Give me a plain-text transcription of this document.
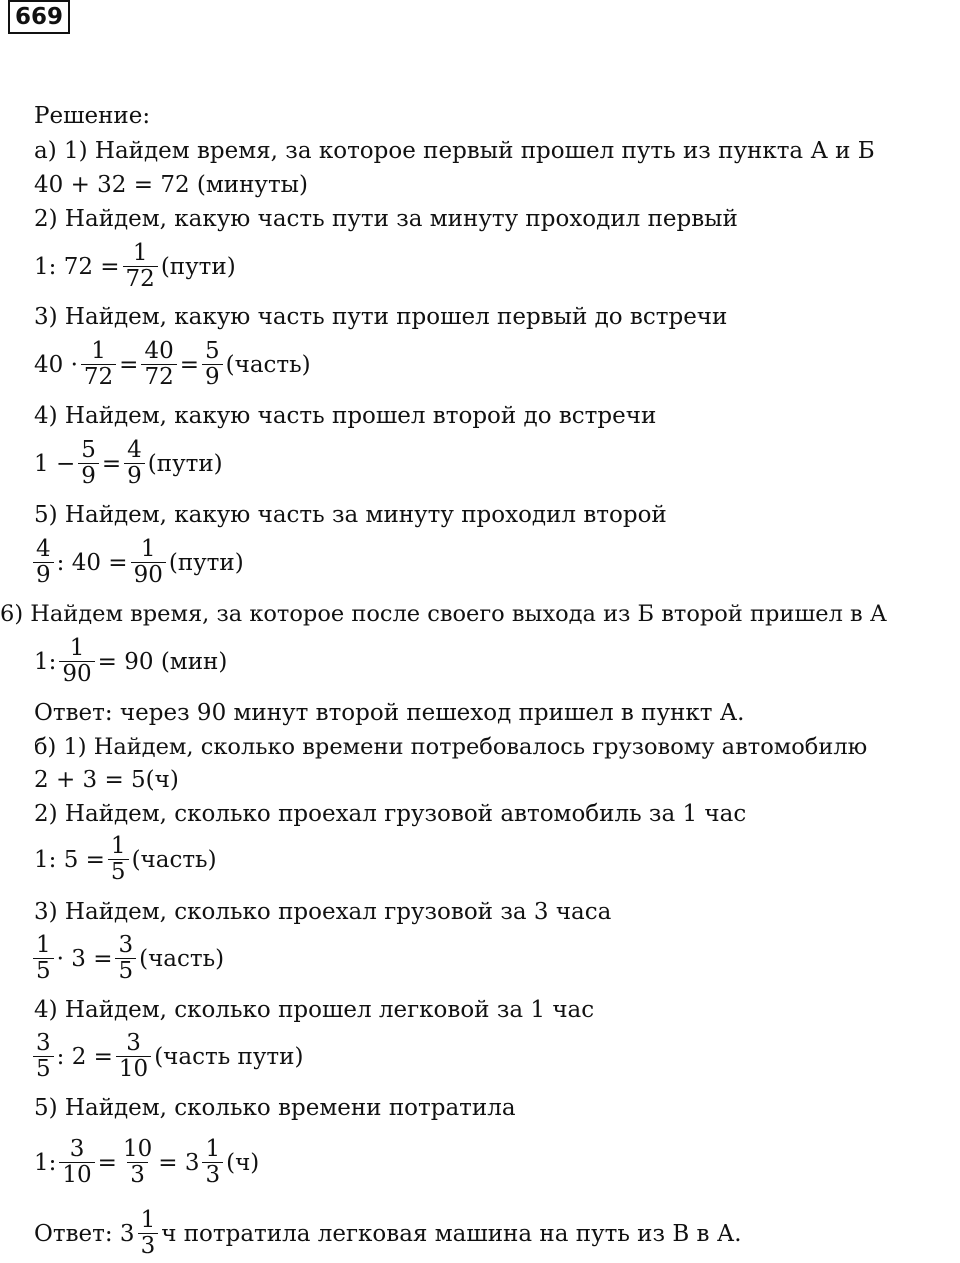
669
Решение:
а) 1) Найдем время, за которое первый прошел путь из пункта А и Б
40 + 32 = 72 (минуты)
2) Найдем, какую часть пути за минуту проходил первый
1: $72 = \frac{1}{72}$ (пути)
3) Найдем, какую часть пути прошел первый до встречи
$40 \cdot \frac{1}{72} = \frac{40}{72} = \frac{5}{9}$ (часть)
4) Найдем, какую часть прошел второй до встречи
$1 - \frac{5}{9} = \frac{4}{9}$ (пути)
5) Найдем, какую часть за минуту проходил второй
$\frac{4}{9}$ : $40 = \frac{1}{90}$ (пути)
6) Найдем время, за которое после своего выхода из Б второй пришел в А
1: $\frac{1}{90} = 90$ (мин)
Ответ: через 90 минут второй пешеход пришел в пункт А.
б) 1) Найдем, сколько времени потребовалось грузовому автомобилю
2 + 3 = 5(ч)
2) Найдем, сколько проехал грузовой автомобиль за 1 час
1: $5 = \frac{1}{5}$ (часть)
3) Найдем, сколько проехал грузовой за 3 часа
$\frac{1}{5} \cdot 3 = \frac{3}{5}$ (часть)
4) Найдем, сколько прошел легковой за 1 час
$\frac{3}{5}$ : $2 = \frac{3}{10}$ (часть пути)
5) Найдем, сколько времени потратила
1: $\frac{3}{10} = \frac{10}{3} = 3 \frac{1}{3} (ч)$
Ответ: $3 \frac{1}{3}$ ч потратила легковая машина на путь из В в А.
